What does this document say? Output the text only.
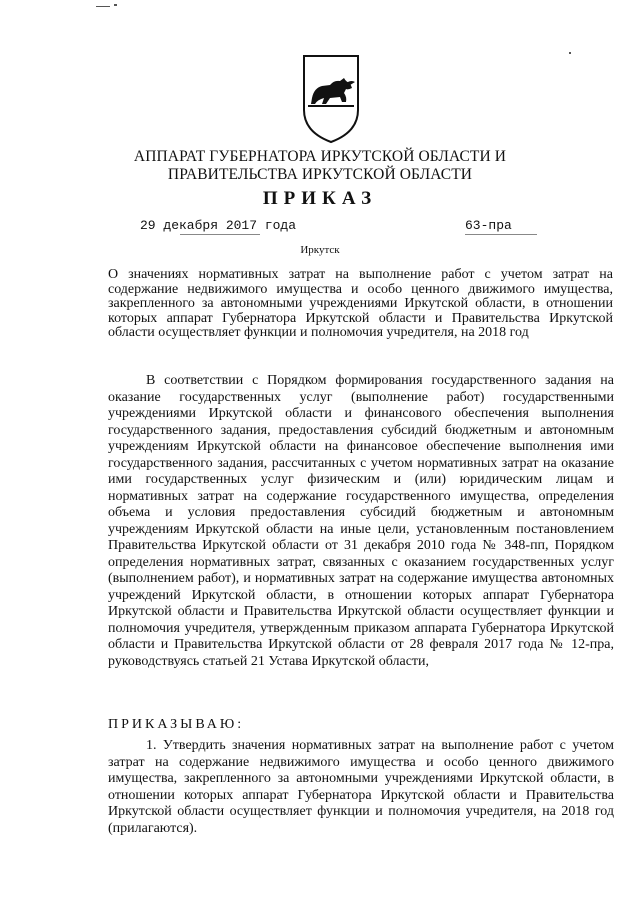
АППАРАТ ГУБЕРНАТОРА ИРКУТСКОЙ ОБЛАСТИ И
ПРАВИТЕЛЬСТВА ИРКУТСКОЙ ОБЛАСТИ
ПРИКАЗ
29 декабря 2017 года	63-пра
Иркутск
О значениях нормативных затрат на выполнение работ с учетом затрат на содержание недвижимого имущества и особо ценного движимого имущества, закрепленного за автономными учреждениями Иркутской области, в отношении которых аппарат Губернатора Иркутской области и Правительства Иркутской области осуществляет функции и полномочия учредителя, на 2018 год

В соответствии с Порядком формирования государственного задания на оказание государственных услуг (выполнение работ) государственными учреждениями Иркутской области и финансового обеспечения выполнения государственного задания, предоставления субсидий бюджетным и автономным учреждениям Иркутской области на финансовое обеспечение выполнения ими государственного задания, рассчитанных с учетом нормативных затрат на оказание ими государственных услуг физическим и (или) юридическим лицам и нормативных затрат на содержание государственного имущества, определения объема и условия предоставления субсидий бюджетным и автономным учреждениям Иркутской области на иные цели, установленным постановлением Правительства Иркутской области от 31 декабря 2010 года № 348-пп, Порядком определения нормативных затрат, связанных с оказанием государственных услуг (выполнением работ), и нормативных затрат на содержание имущества автономных учреждений Иркутской области, в отношении которых аппарат Губернатора Иркутской области и Правительства Иркутской области осуществляет функции и полномочия учредителя, утвержденным приказом аппарата Губернатора Иркутской области и Правительства Иркутской области от 28 февраля 2017 года № 12-пра, руководствуясь статьей 21 Устава Иркутской области,

ПРИКАЗЫВАЮ:

1. Утвердить значения нормативных затрат на выполнение работ с учетом затрат на содержание недвижимого имущества и особо ценного движимого имущества, закрепленного за автономными учреждениями Иркутской области, в отношении которых аппарат Губернатора Иркутской области и Правительства Иркутской области осуществляет функции и полномочия учредителя, на 2018 год (прилагаются).
